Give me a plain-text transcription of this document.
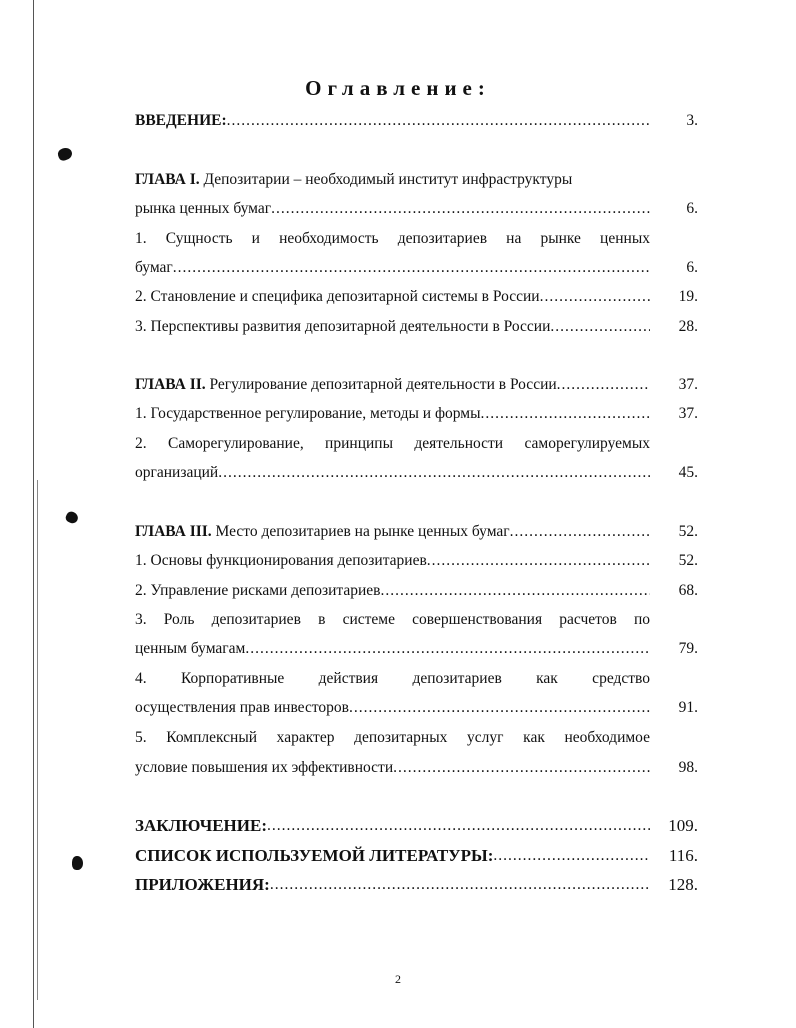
Оглавление:
ВВЕДЕНИЕ: .....	3.
ГЛАВА I. Депозитарии – необходимый институт инфраструктуры
рынка ценных бумаг .....	6.
1. Сущность и необходимость депозитариев на рынке ценных
бумаг .....	6.
2. Становление и специфика депозитарной системы в России .....	19.
3. Перспективы развития депозитарной деятельности в России .....	28.
ГЛАВА II. Регулирование депозитарной деятельности в России .....	37.
1. Государственное регулирование, методы и формы .....	37.
2. Саморегулирование, принципы деятельности саморегулируемых
организаций .....	45.
ГЛАВА III. Место депозитариев на рынке ценных бумаг .....	52.
1. Основы функционирования депозитариев .....	52.
2. Управление рисками депозитариев .....	68.
3. Роль депозитариев в системе совершенствования расчетов по
ценным бумагам .....	79.
4. Корпоративные действия депозитариев как средство
осуществления прав инвесторов .....	91.
5. Комплексный характер депозитарных услуг как необходимое
условие повышения их эффективности .....	98.
ЗАКЛЮЧЕНИЕ: .....	109.
СПИСОК ИСПОЛЬЗУЕМОЙ ЛИТЕРАТУРЫ: .....	116.
ПРИЛОЖЕНИЯ: .....	128.
2
